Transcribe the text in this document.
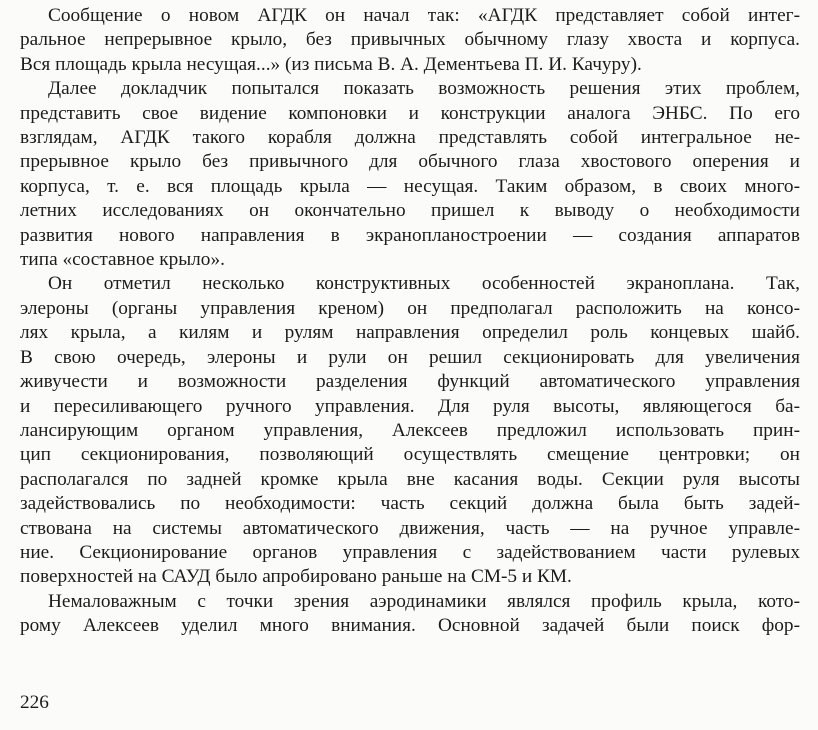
Сообщение о новом АГДК он начал так: «АГДК представляет собой интег-
ральное непрерывное крыло, без привычных обычному глазу хвоста и корпуса.
Вся площадь крыла несущая...» (из письма В. А. Дементьева П. И. Качуру).

Далее докладчик попытался показать возможность решения этих проблем,
представить свое видение компоновки и конструкции аналога ЭНБС. По его
взглядам, АГДК такого корабля должна представлять собой интегральное не-
прерывное крыло без привычного для обычного глаза хвостового оперения и
корпуса, т. е. вся площадь крыла — несущая. Таким образом, в своих много-
летних исследованиях он окончательно пришел к выводу о необходимости
развития нового направления в экранопланостроении — создания аппаратов
типа «составное крыло».

Он отметил несколько конструктивных особенностей экраноплана. Так,
элероны (органы управления креном) он предполагал расположить на консо-
лях крыла, а килям и рулям направления определил роль концевых шайб.
В свою очередь, элероны и рули он решил секционировать для увеличения
живучести и возможности разделения функций автоматического управления
и пересиливающего ручного управления. Для руля высоты, являющегося ба-
лансирующим органом управления, Алексеев предложил использовать прин-
цип секционирования, позволяющий осуществлять смещение центровки; он
располагался по задней кромке крыла вне касания воды. Секции руля высоты
задействовались по необходимости: часть секций должна была быть задей-
ствована на системы автоматического движения, часть — на ручное управле-
ние. Секционирование органов управления с задействованием части рулевых
поверхностей на САУД было апробировано раньше на СМ-5 и КМ.

Немаловажным с точки зрения аэродинамики являлся профиль крыла, кото-
рому Алексеев уделил много внимания. Основной задачей были поиск фор-

226
